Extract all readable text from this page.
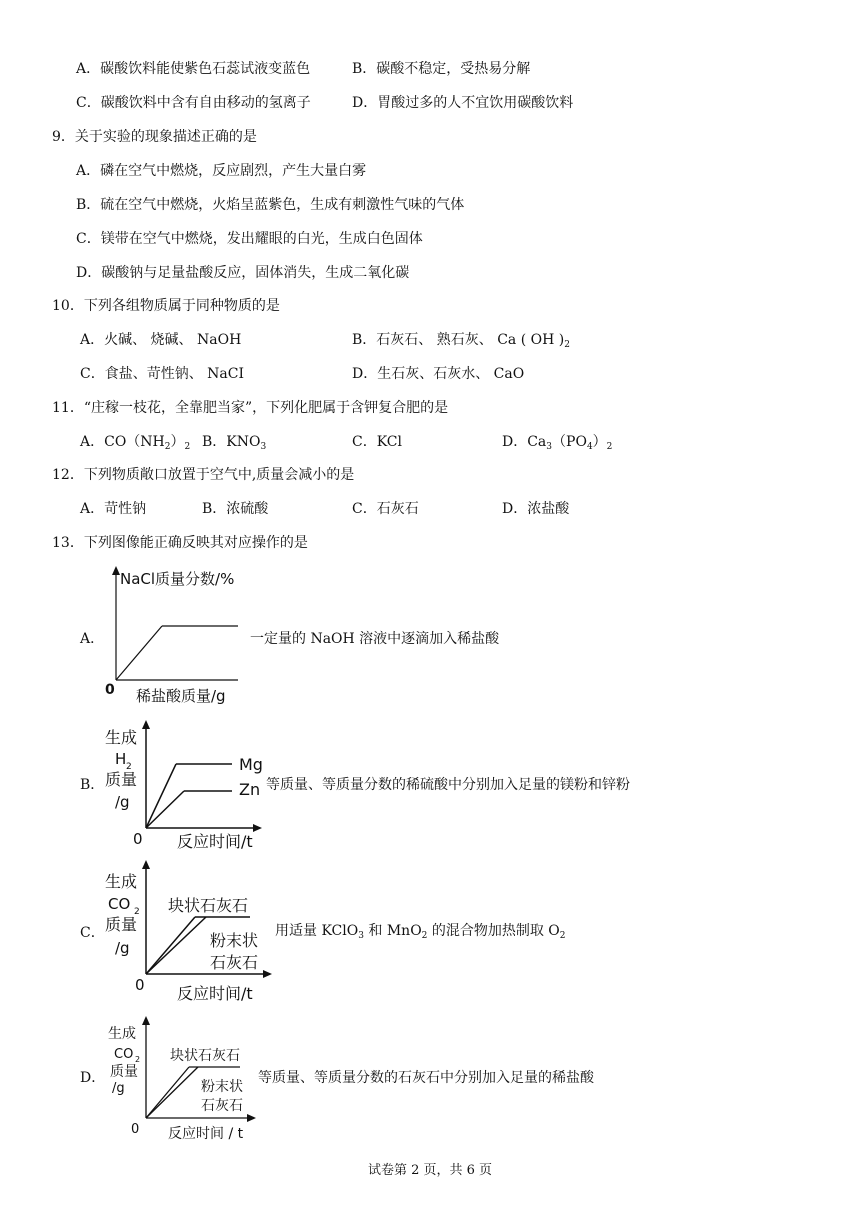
A．碳酸饮料能使紫色石蕊试液变蓝色	B．碳酸不稳定，受热易分解
C．碳酸饮料中含有自由移动的氢离子	D．胃酸过多的人不宜饮用碳酸饮料
9．关于实验的现象描述正确的是
A．磷在空气中燃烧，反应剧烈，产生大量白雾
B．硫在空气中燃烧，火焰呈蓝紫色，生成有刺激性气味的气体
C．镁带在空气中燃烧，发出耀眼的白光，生成白色固体
D．碳酸钠与足量盐酸反应，固体消失，生成二氧化碳
10．下列各组物质属于同种物质的是
A．火碱、 烧碱、 NaOH	B．石灰石、 熟石灰、 Ca ( OH )$_2$
C．食盐、苛性钠、 NaCI	D．生石灰、石灰水、 CaO
11．“庄稼一枝花，全靠肥当家”，下列化肥属于含钾复合肥的是
A．$CO(NH_2)_2$ B．$KNO_3$	C．KCl	D．$Ca_3(PO_4)_2$
12．下列物质敞口放置于空气中,质量会减小的是
A．苛性钠	B．浓硫酸	C．石灰石	D．浓盐酸
13．下列图像能正确反映其对应操作的是
A．
NaCl质量分数/%
0 稀盐酸质量/g
一定量的 NaOH 溶液中逐滴加入稀盐酸
B．
生成
H 2
质量
/g
Mg
Zn
0 反应时间/t
等质量、等质量分数的稀硫酸中分别加入足量的镁粉和锌粉
C．
生成
CO 2
质量
/g
块状石灰石
粉末状
石灰石
0 反应时间/t
用适量 KClO$_3$ 和 MnO$_2$ 的混合物加热制取 $O_2$
D．
生成
CO 2
质量
/g
块状石灰石
粉末状
石灰石
0 反应时间 / t
等质量、等质量分数的石灰石中分别加入足量的稀盐酸
试卷第 2 页，共 6 页
